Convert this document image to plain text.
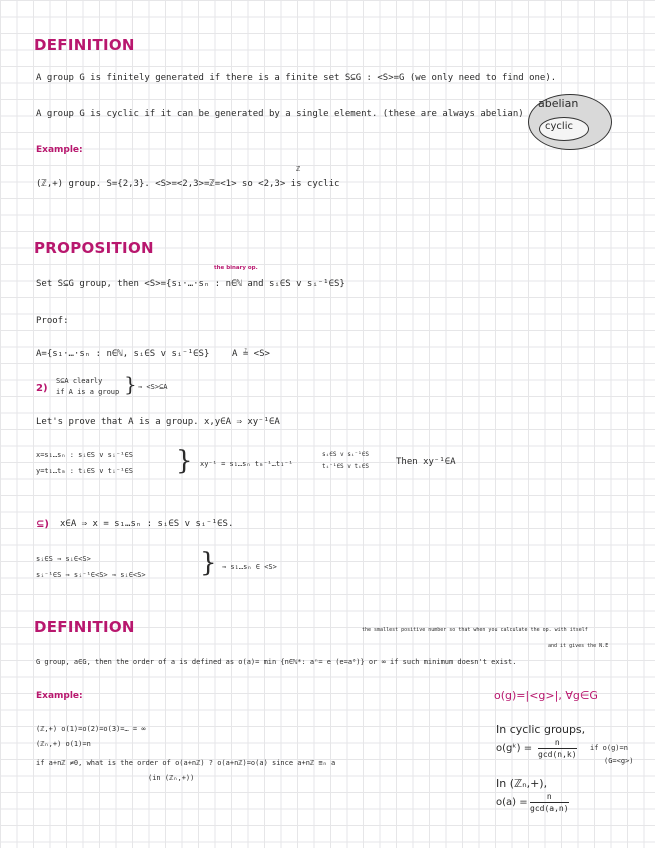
DEFINITION
A group G is finitely generated if there is a finite set S⊆G : <S>=G (we only need to find one).
A group G is cyclic if it can be generated by a single element. (these are always abelian)
abelian
cyclic
Example:
ℤ
(ℤ,+) group. S={2,3}. <S>=<2,3>=ℤ=<1> so <2,3> is cyclic
PROPOSITION
the binary op.
Set S⊆G group, then <S>={s₁·…·sₙ : n∈ℕ and sᵢ∈S v sᵢ⁻¹∈S}
Proof:
A={s₁·…·sₙ : n∈ℕ, sᵢ∈S v sᵢ⁻¹∈S}	A ≟ <S>
2)
S⊆A clearly
if A is a group } ⇒ <S>⊆A
Let's prove that A is a group. x,y∈A ⇒ xy⁻¹∈A
x=s₁…sₙ : sᵢ∈S v sᵢ⁻¹∈S
y=t₁…tₘ : tᵢ∈S v tᵢ⁻¹∈S } xy⁻¹ = s₁…sₙ tₘ⁻¹…t₁⁻¹
sᵢ∈S v sᵢ⁻¹∈S
tᵢ⁻¹∈S v tᵢ∈S	Then xy⁻¹∈A
⊆) x∈A ⇒ x = s₁…sₙ : sᵢ∈S v sᵢ⁻¹∈S.
sᵢ∈S ⇒ sᵢ∈<S>
sᵢ⁻¹∈S ⇒ sᵢ⁻¹∈<S> ⇒ sᵢ∈<S> } ⇒ s₁…sₙ ∈ <S>
DEFINITION	the smallest positive number so that when you calculate the op. with itself
and it gives the N.E
G group, a∈G, then the order of a is defined as o(a)= min {n∈ℕ*: aⁿ= e (e=a⁰)} or ∞ if such minimum doesn't exist.
Example:	o(g)=|<g>|, ∀g∈G
(ℤ,+) o(1)=o(2)=o(3)=… = ∞
(ℤₙ,+) o(1)=n
if a+nℤ ≠0, what is the order of o(a+nℤ) ? o(a+nℤ)=o(a) since a+nℤ ≡ₙ a
(in (ℤₙ,+))
In cyclic groups,
o(gᵏ) =
n
gcd(n,k)
if o(g)=n
(G=<g>)
In (ℤₙ,+),
o(a) =
n
gcd(a,n)
